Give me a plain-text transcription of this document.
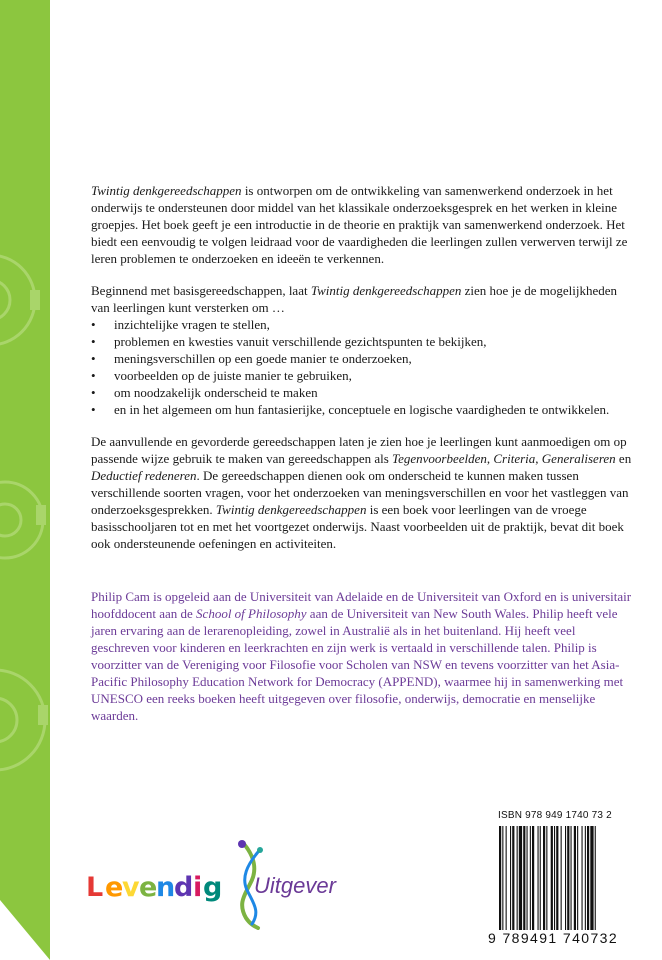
Twintig denkgereedschappen is ontworpen om de ontwikkeling van samenwerkend onderzoek in het onderwijs te ondersteunen door middel van het klassikale onderzoeksgesprek en het werken in kleine groepjes. Het boek geeft je een introductie in de theorie en praktijk van samenwerkend onderzoek. Het biedt een eenvoudig te volgen leidraad voor de vaardigheden die leerlingen zullen verwerven terwijl ze leren problemen te onderzoeken en ideeën te verkennen.

Beginnend met basisgereedschappen, laat Twintig denkgereedschappen zien hoe je de mogelijkheden van leerlingen kunt versterken om …

• inzichtelijke vragen te stellen,
• problemen en kwesties vanuit verschillende gezichtspunten te bekijken,
• meningsverschillen op een goede manier te onderzoeken,
• voorbeelden op de juiste manier te gebruiken,
• om noodzakelijk onderscheid te maken
• en in het algemeen om hun fantasierijke, conceptuele en logische vaardigheden te ontwikkelen.

De aanvullende en gevorderde gereedschappen laten je zien hoe je leerlingen kunt aanmoedigen om op passende wijze gebruik te maken van gereedschappen als Tegenvoorbeelden, Criteria, Generaliseren en Deductief redeneren. De gereedschappen dienen ook om onderscheid te kunnen maken tussen verschillende soorten vragen, voor het onderzoeken van meningsverschillen en voor het vastleggen van onderzoeksgesprekken. Twintig denkgereedschappen is een boek voor leerlingen van de vroege basisschooljaren tot en met het voortgezet onderwijs. Naast voorbeelden uit de praktijk, bevat dit boek ook ondersteunende oefeningen en activiteiten.

Philip Cam is opgeleid aan de Universiteit van Adelaide en de Universiteit van Oxford en is universitair hoofddocent aan de School of Philosophy aan de Universiteit van New South Wales. Philip heeft vele jaren ervaring aan de lerarenopleiding, zowel in Australië als in het buitenland. Hij heeft veel geschreven voor kinderen en leerkrachten en zijn werk is vertaald in verschillende talen. Philip is voorzitter van de Vereniging voor Filosofie voor Scholen van NSW en tevens voorzitter van het Asia-Pacific Philosophy Education Network for Democracy (APPEND), waarmee hij in samenwerking met UNESCO een reeks boeken heeft uitgegeven over filosofie, onderwijs, democratie en menselijke waarden.

ISBN 978 949 1740 73 2
9 789491 740732
L e
v e
n
d i g Uitgever
